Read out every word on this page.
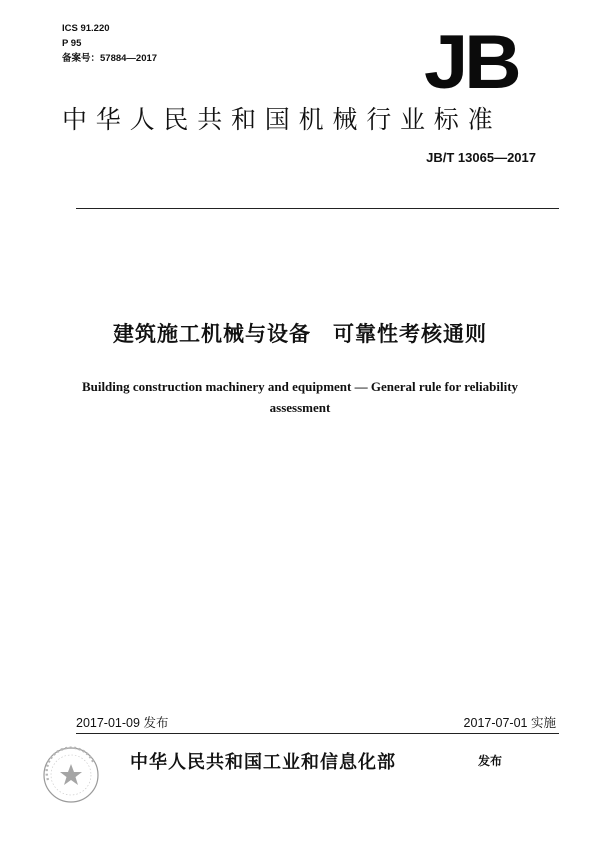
ICS 91.220
P 95
备案号：57884—2017	JB
中华人民共和国机械行业标准
JB/T 13065—2017
建筑施工机械与设备　可靠性考核通则
Building construction machinery and equipment — General rule for reliability assessment
2017-01-09 发布	2017-07-01 实施
中华人民共和国工业和信息化部	发布
